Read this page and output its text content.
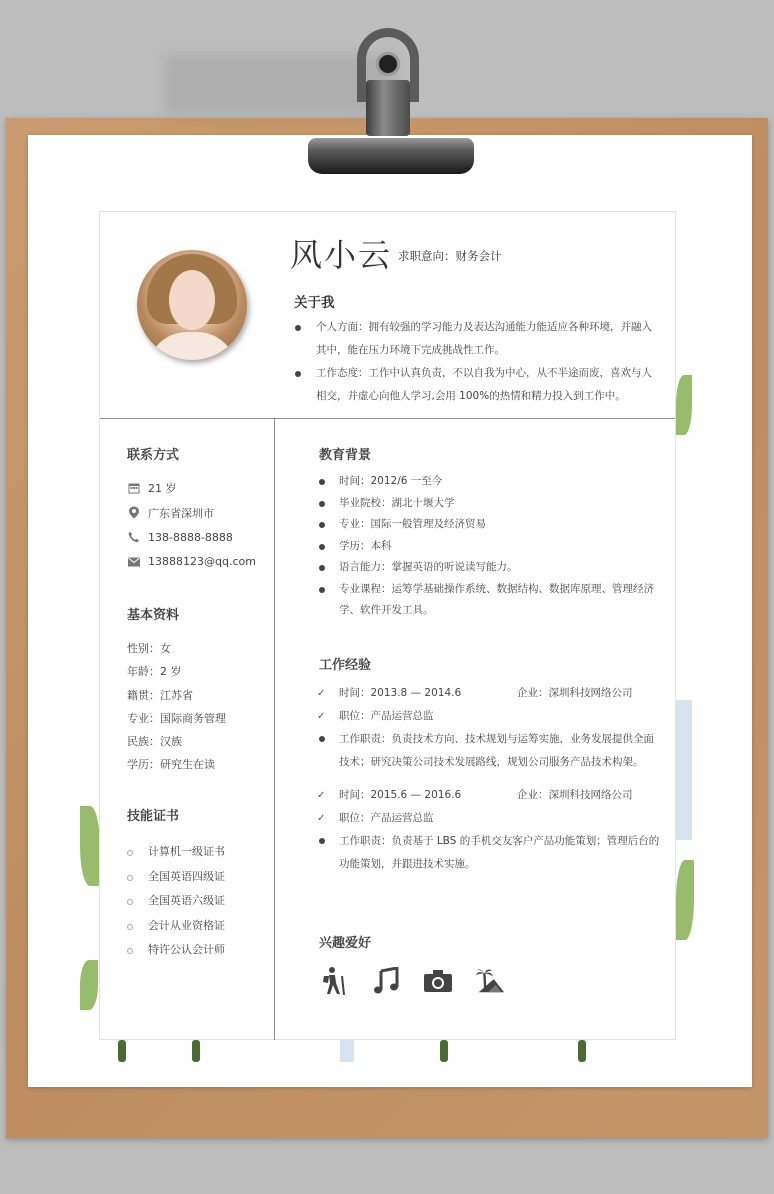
风小云 求职意向：财务会计
关于我
个人方面：拥有较强的学习能力及表达沟通能力能适应各种环境，并融入其中，能在压力环境下完成挑战性工作。
工作态度：工作中认真负责，不以自我为中心，从不半途而废，喜欢与人相交，并虚心向他人学习,会用 100%的热情和精力投入到工作中。
联系方式
21 岁
广东省深圳市
138-8888-8888
13888123@qq.com
基本资料
性别：女
年龄：2 岁
籍贯：江苏省
专业：国际商务管理
民族：汉族
学历：研究生在读
技能证书
计算机一级证书
全国英语四级证
全国英语六级证
会计从业资格证
特许公认会计师
教育背景
时间：2012/6 一至今
毕业院校：湖北十堰大学
专业：国际一般管理及经济贸易
学历：本科
语言能力：掌握英语的听说读写能力。
专业课程：运筹学基础操作系统、数据结构、数据库原理、管理经济学、软件开发工具。
工作经验
✓ 时间：2013.8 — 2014.6	企业：深圳科技网络公司
✓ 职位：产品运营总监
工作职责：负责技术方向、技术规划与运筹实施，业务发展提供全面技术；研究决策公司技术发展路线，规划公司服务产品技术构架。
✓ 时间：2015.6 — 2016.6	企业：深圳科技网络公司
✓ 职位：产品运营总监
工作职责：负责基于 LBS 的手机交友客户产品功能策划；管理后台的功能策划，并跟进技术实施。
兴趣爱好
